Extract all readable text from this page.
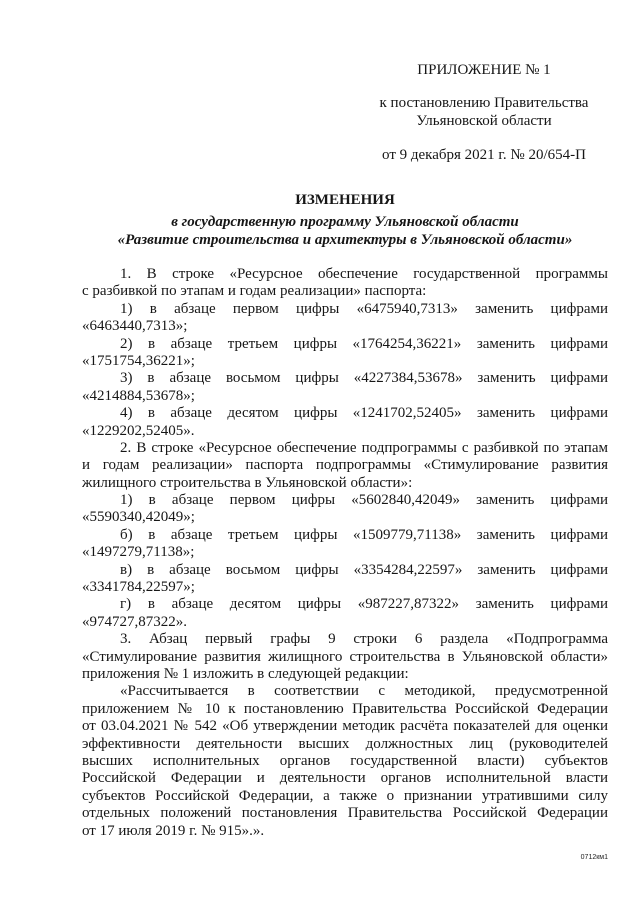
ПРИЛОЖЕНИЕ № 1
к постановлению Правительства
Ульяновской области
от 9 декабря 2021 г. № 20/654-П
ИЗМЕНЕНИЯ
в государственную программу Ульяновской области
«Развитие строительства и архитектуры в Ульяновской области»
1. В строке «Ресурсное обеспечение государственной программы
с разбивкой по этапам и годам реализации» паспорта:
1) в абзаце первом цифры «6475940,7313» заменить цифрами
«6463440,7313»;
2) в абзаце третьем цифры «1764254,36221» заменить цифрами
«1751754,36221»;
3) в абзаце восьмом цифры «4227384,53678» заменить цифрами
«4214884,53678»;
4) в абзаце десятом цифры «1241702,52405» заменить цифрами
«1229202,52405».
2. В строке «Ресурсное обеспечение подпрограммы с разбивкой по этапам
и годам реализации» паспорта подпрограммы «Стимулирование развития
жилищного строительства в Ульяновской области»:
1) в абзаце первом цифры «5602840,42049» заменить цифрами
«5590340,42049»;
б) в абзаце третьем цифры «1509779,71138» заменить цифрами
«1497279,71138»;
в) в абзаце восьмом цифры «3354284,22597» заменить цифрами
«3341784,22597»;
г) в абзаце десятом цифры «987227,87322» заменить цифрами
«974727,87322».
3. Абзац первый графы 9 строки 6 раздела «Подпрограмма
«Стимулирование развития жилищного строительства в Ульяновской области»
приложения № 1 изложить в следующей редакции:
«Рассчитывается в соответствии с методикой, предусмотренной
приложением № 10 к постановлению Правительства Российской Федерации
от 03.04.2021 № 542 «Об утверждении методик расчёта показателей для оценки
эффективности деятельности высших должностных лиц (руководителей
высших исполнительных органов государственной власти) субъектов
Российской Федерации и деятельности органов исполнительной власти
субъектов Российской Федерации, а также о признании утратившими силу
отдельных положений постановления Правительства Российской Федерации
от 17 июля 2019 г. № 915».».
0712км1
